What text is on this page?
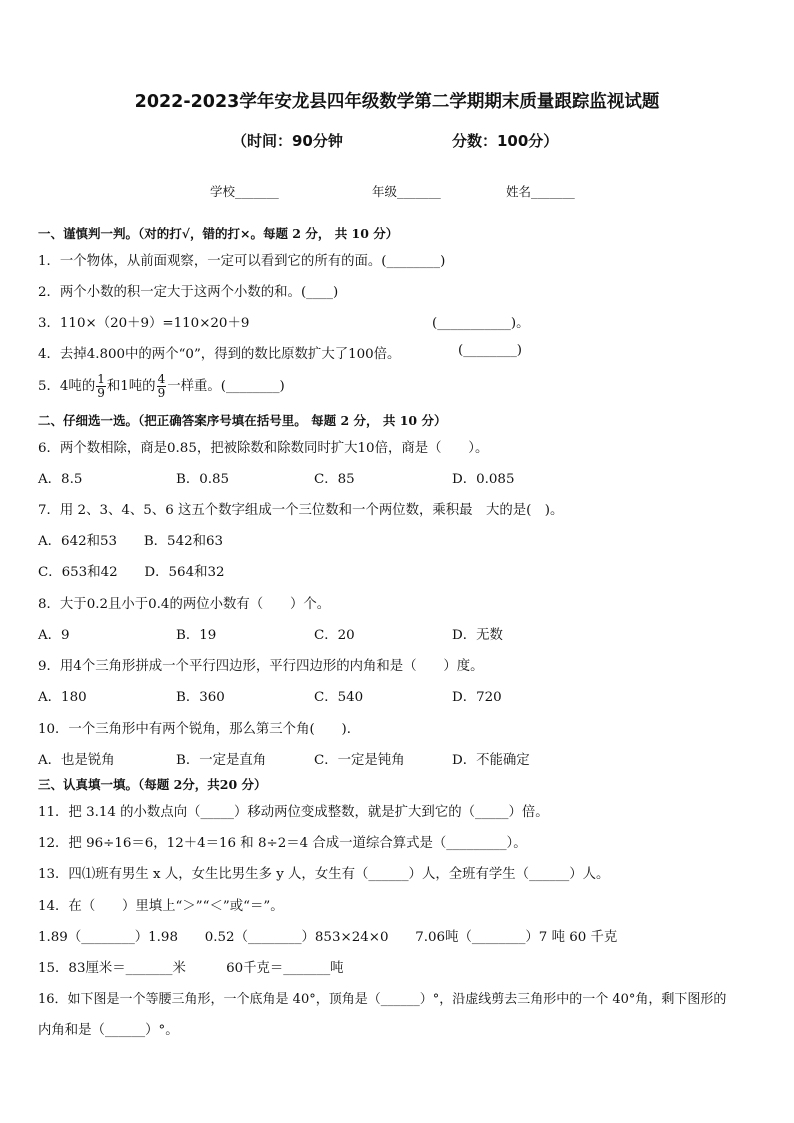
2022-2023学年安龙县四年级数学第二学期期末质量跟踪监视试题
（时间：90分钟	分数：100分）
学校_______	年级_______	姓名_______
一、谨慎判一判。（对的打√，错的打×。每题 2 分， 共 10 分）
1．一个物体，从前面观察，一定可以看到它的所有的面。(________)
2．两个小数的积一定大于这两个小数的和。(____)
3．110×（20＋9）=110×20＋9	(___________)。
4．去掉4.800中的两个“0”，得到的数比原数扩大了100倍。	(________)
5．4吨的 $\frac{1}{9}$ 和1吨的 $\frac{4}{9}$ 一样重。(________)
二、仔细选一选。（把正确答案序号填在括号里。 每题 2 分， 共 10 分）
6．两个数相除，商是0.85，把被除数和除数同时扩大10倍，商是（　　）。
A．8.5	B．0.85	C．85	D．0.085
7．用 2、3、4、5、6 这五个数字组成一个三位数和一个两位数，乘积最　大的是(　)。
A．642和53　　B．542和63
C．653和42　　D．564和32
8．大于0.2且小于0.4的两位小数有（　　）个。
A．9	B．19	C．20	D．无数
9．用4个三角形拼成一个平行四边形，平行四边形的内角和是（　　）度。
A．180	B．360	C．540	D．720
10．一个三角形中有两个锐角，那么第三个角(　　)．
A．也是锐角	B．一定是直角	C．一定是钝角	D．不能确定
三、认真填一填。（每题 2分，共20 分）
11．把 3.14 的小数点向（_____）移动两位变成整数，就是扩大到它的（_____）倍。
12．把 96÷16＝6，12＋4＝16 和 8÷2＝4 合成一道综合算式是（_________）。
13．四⑴班有男生 x 人，女生比男生多 y 人，女生有（______）人，全班有学生（______）人。
14．在（　　）里填上“＞”“＜”或“＝”。
1.89（________）1.98　　0.52（________）853×24×0　　7.06吨（________）7 吨 60 千克
15．83厘米＝_______米　　　60千克＝_______吨
16．如下图是一个等腰三角形，一个底角是 40°，顶角是（______）°，沿虚线剪去三角形中的一个 40°角，剩下图形的
内角和是（______）°。
